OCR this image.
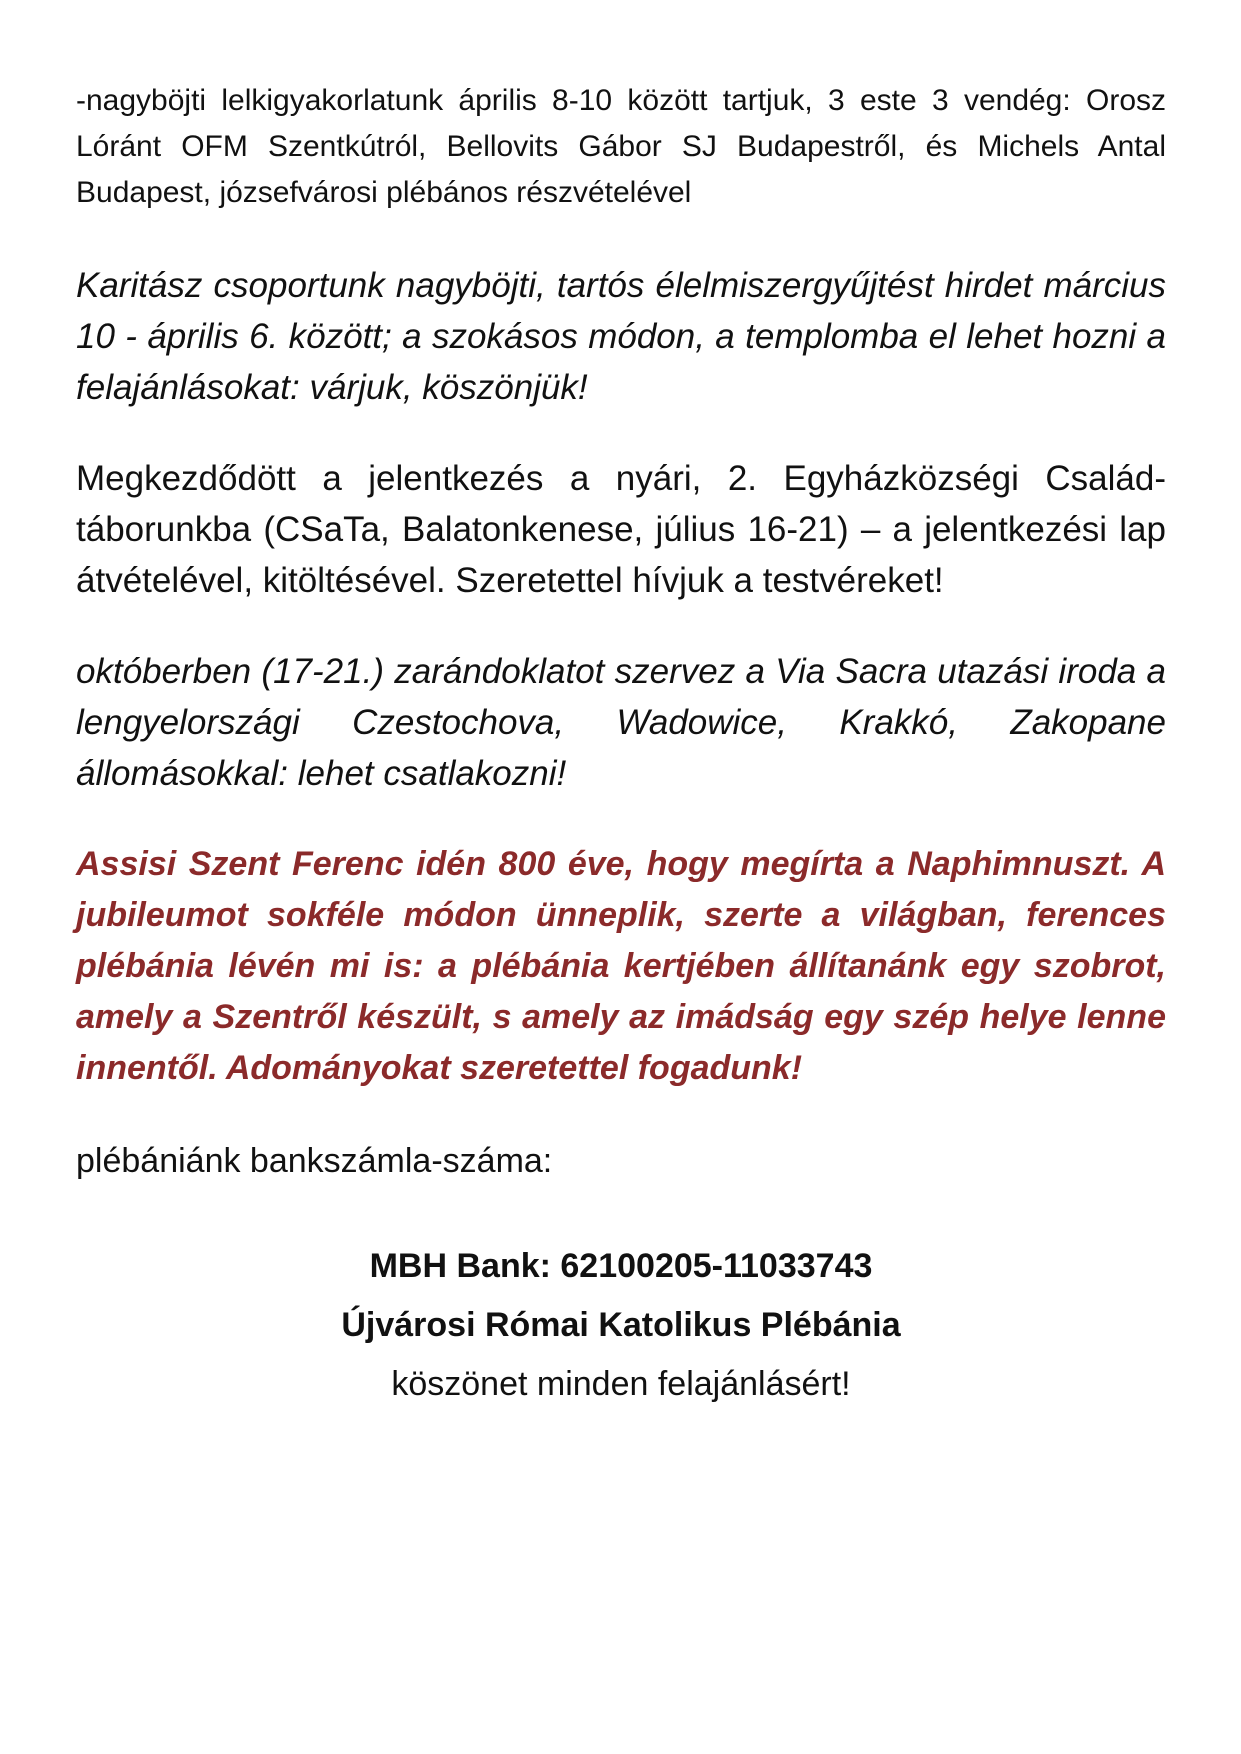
-nagyböjti lelkigyakorlatunk április 8-10 között tartjuk, 3 este 3 vendég: Orosz Lóránt OFM Szentkútról, Bellovits Gábor SJ Budapestről, és Michels Antal Budapest, józsefvárosi plébános részvételével

Karitász csoportunk nagyböjti, tartós élelmiszergyűjtést hirdet március 10 - április 6. között; a szokásos módon, a templomba el lehet hozni a felajánlásokat: várjuk, köszönjük!

Megkezdődött a jelentkezés a nyári, 2. Egyházközségi Család-táborunkba (CSaTa, Balatonkenese, július 16-21) – a jelentkezési lap átvételével, kitöltésével. Szeretettel hívjuk a testvéreket!

októberben (17-21.) zarándoklatot szervez a Via Sacra utazási iroda a lengyelországi Czestochova, Wadowice, Krakkó, Zakopane állomásokkal: lehet csatlakozni!

Assisi Szent Ferenc idén 800 éve, hogy megírta a Naphimnuszt. A jubileumot sokféle módon ünneplik, szerte a világban, ferences plébánia lévén mi is: a plébánia kertjében állítanánk egy szobrot, amely a Szentről készült, s amely az imádság egy szép helye lenne innentől. Adományokat szeretettel fogadunk!

plébániánk bankszámla-száma:

MBH Bank: 62100205-11033743
Újvárosi Római Katolikus Plébánia
köszönet minden felajánlásért!
